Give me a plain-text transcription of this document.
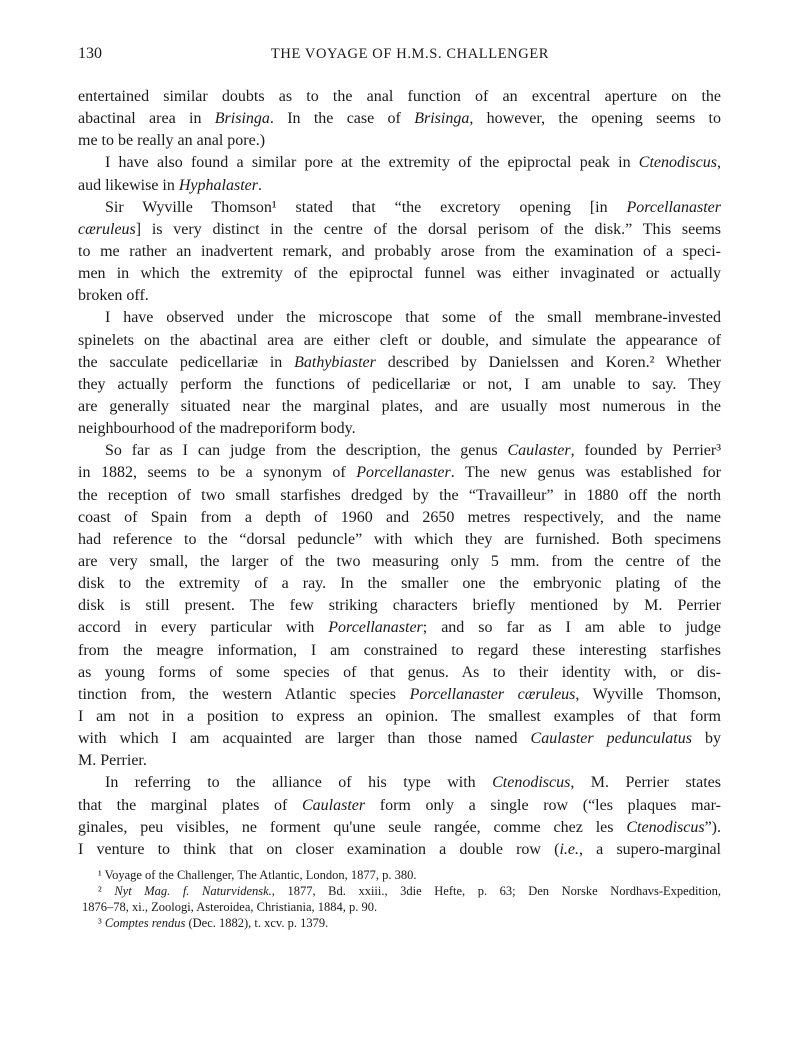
130	THE VOYAGE OF H.M.S. CHALLENGER
entertained similar doubts as to the anal function of an excentral aperture on the
abactinal area in Brisinga. In the case of Brisinga, however, the opening seems to
me to be really an anal pore.)
I have also found a similar pore at the extremity of the epiproctal peak in Ctenodiscus,
aud likewise in Hyphalaster.
Sir Wyville Thomson¹ stated that “the excretory opening [in Porcellanaster
cæruleus] is very distinct in the centre of the dorsal perisom of the disk.” This seems
to me rather an inadvertent remark, and probably arose from the examination of a speci-
men in which the extremity of the epiproctal funnel was either invaginated or actually
broken off.
I have observed under the microscope that some of the small membrane-invested
spinelets on the abactinal area are either cleft or double, and simulate the appearance of
the sacculate pedicellariæ in Bathybiaster described by Danielssen and Koren.² Whether
they actually perform the functions of pedicellariæ or not, I am unable to say. They
are generally situated near the marginal plates, and are usually most numerous in the
neighbourhood of the madreporiform body.
So far as I can judge from the description, the genus Caulaster, founded by Perrier³
in 1882, seems to be a synonym of Porcellanaster. The new genus was established for
the reception of two small starfishes dredged by the “Travailleur” in 1880 off the north
coast of Spain from a depth of 1960 and 2650 metres respectively, and the name
had reference to the “dorsal peduncle” with which they are furnished. Both specimens
are very small, the larger of the two measuring only 5 mm. from the centre of the
disk to the extremity of a ray. In the smaller one the embryonic plating of the
disk is still present. The few striking characters briefly mentioned by M. Perrier
accord in every particular with Porcellanaster; and so far as I am able to judge
from the meagre information, I am constrained to regard these interesting starfishes
as young forms of some species of that genus. As to their identity with, or dis-
tinction from, the western Atlantic species Porcellanaster cæruleus, Wyville Thomson,
I am not in a position to express an opinion. The smallest examples of that form
with which I am acquainted are larger than those named Caulaster pedunculatus by
M. Perrier.
In referring to the alliance of his type with Ctenodiscus, M. Perrier states
that the marginal plates of Caulaster form only a single row (“les plaques mar-
ginales, peu visibles, ne forment qu'une seule rangée, comme chez les Ctenodiscus”).
I venture to think that on closer examination a double row (i.e., a supero-marginal
¹ Voyage of the Challenger, The Atlantic, London, 1877, p. 380.
² Nyt Mag. f. Naturvidensk., 1877, Bd. xxiii., 3die Hefte, p. 63; Den Norske Nordhavs-Expedition,
1876–78, xi., Zoologi, Asteroidea, Christiania, 1884, p. 90.
³ Comptes rendus (Dec. 1882), t. xcv. p. 1379.
